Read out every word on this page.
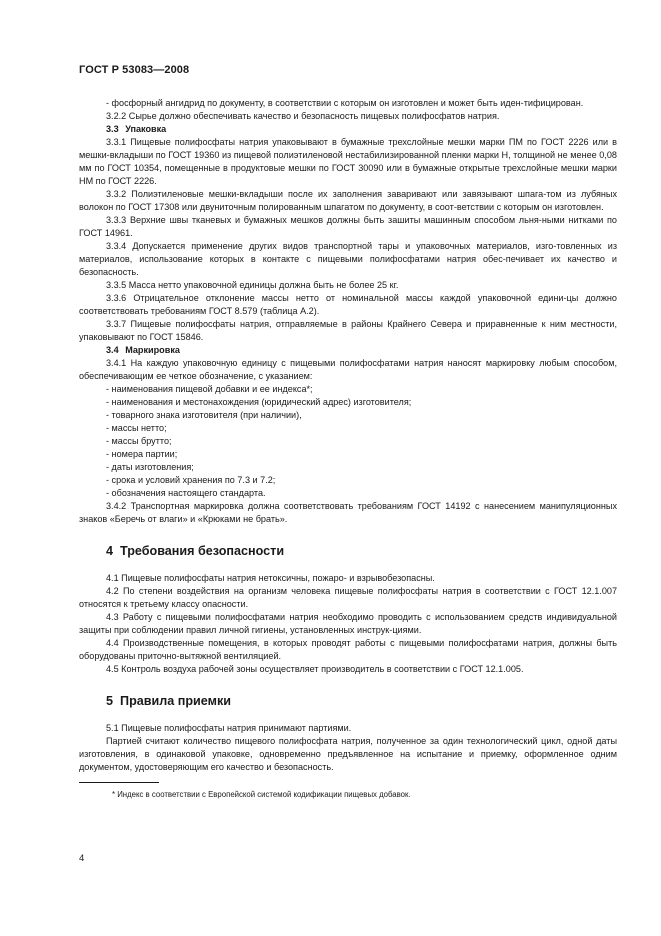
ГОСТ Р 53083—2008

- фосфорный ангидрид по документу, в соответствии с которым он изготовлен и может быть иден-тифицирован.

3.2.2 Сырье должно обеспечивать качество и безопасность пищевых полифосфатов натрия.

3.3 Упаковка

3.3.1 Пищевые полифосфаты натрия упаковывают в бумажные трехслойные мешки марки ПМ по ГОСТ 2226 или в мешки-вкладыши по ГОСТ 19360 из пищевой полиэтиленовой нестабилизированной пленки марки Н, толщиной не менее 0,08 мм по ГОСТ 10354, помещенные в продуктовые мешки по ГОСТ 30090 или в бумажные открытые трехслойные мешки марки НМ по ГОСТ 2226.

3.3.2 Полиэтиленовые мешки-вкладыши после их заполнения заваривают или завязывают шпага-том из лубяных волокон по ГОСТ 17308 или двуниточным полированным шпагатом по документу, в соот-ветствии с которым он изготовлен.

3.3.3 Верхние швы тканевых и бумажных мешков должны быть зашиты машинным способом льня-ными нитками по ГОСТ 14961.

3.3.4 Допускается применение других видов транспортной тары и упаковочных материалов, изго-товленных из материалов, использование которых в контакте с пищевыми полифосфатами натрия обес-печивает их качество и безопасность.

3.3.5 Масса нетто упаковочной единицы должна быть не более 25 кг.

3.3.6 Отрицательное отклонение массы нетто от номинальной массы каждой упаковочной едини-цы должно соответствовать требованиям ГОСТ 8.579 (таблица А.2).

3.3.7 Пищевые полифосфаты натрия, отправляемые в районы Крайнего Севера и приравненные к ним местности, упаковывают по ГОСТ 15846.

3.4 Маркировка

3.4.1 На каждую упаковочную единицу с пищевыми полифосфатами натрия наносят маркировку любым способом, обеспечивающим ее четкое обозначение, с указанием:

- наименования пищевой добавки и ее индекса*;

- наименования и местонахождения (юридический адрес) изготовителя;

- товарного знака изготовителя (при наличии),

- массы нетто;

- массы брутто;

- номера партии;

- даты изготовления;

- срока и условий хранения по 7.3 и 7.2;

- обозначения настоящего стандарта.

3.4.2 Транспортная маркировка должна соответствовать требованиям ГОСТ 14192 с нанесением манипуляционных знаков «Беречь от влаги» и «Крюками не брать».

4 Требования безопасности

4.1 Пищевые полифосфаты натрия нетоксичны, пожаро- и взрывобезопасны.

4.2 По степени воздействия на организм человека пищевые полифосфаты натрия в соответствии с ГОСТ 12.1.007 относятся к третьему классу опасности.

4.3 Работу с пищевыми полифосфатами натрия необходимо проводить с использованием средств индивидуальной защиты при соблюдении правил личной гигиены, установленных инструк-циями.

4.4 Производственные помещения, в которых проводят работы с пищевыми полифосфатами натрия, должны быть оборудованы приточно-вытяжной вентиляцией.

4.5 Контроль воздуха рабочей зоны осуществляет производитель в соответствии с ГОСТ 12.1.005.

5 Правила приемки

5.1 Пищевые полифосфаты натрия принимают партиями.

Партией считают количество пищевого полифосфата натрия, полученное за один технологический цикл, одной даты изготовления, в одинаковой упаковке, одновременно предъявленное на испытание и приемку, оформленное одним документом, удостоверяющим его качество и безопасность.

* Индекс в соответствии с Европейской системой кодификации пищевых добавок.

4
